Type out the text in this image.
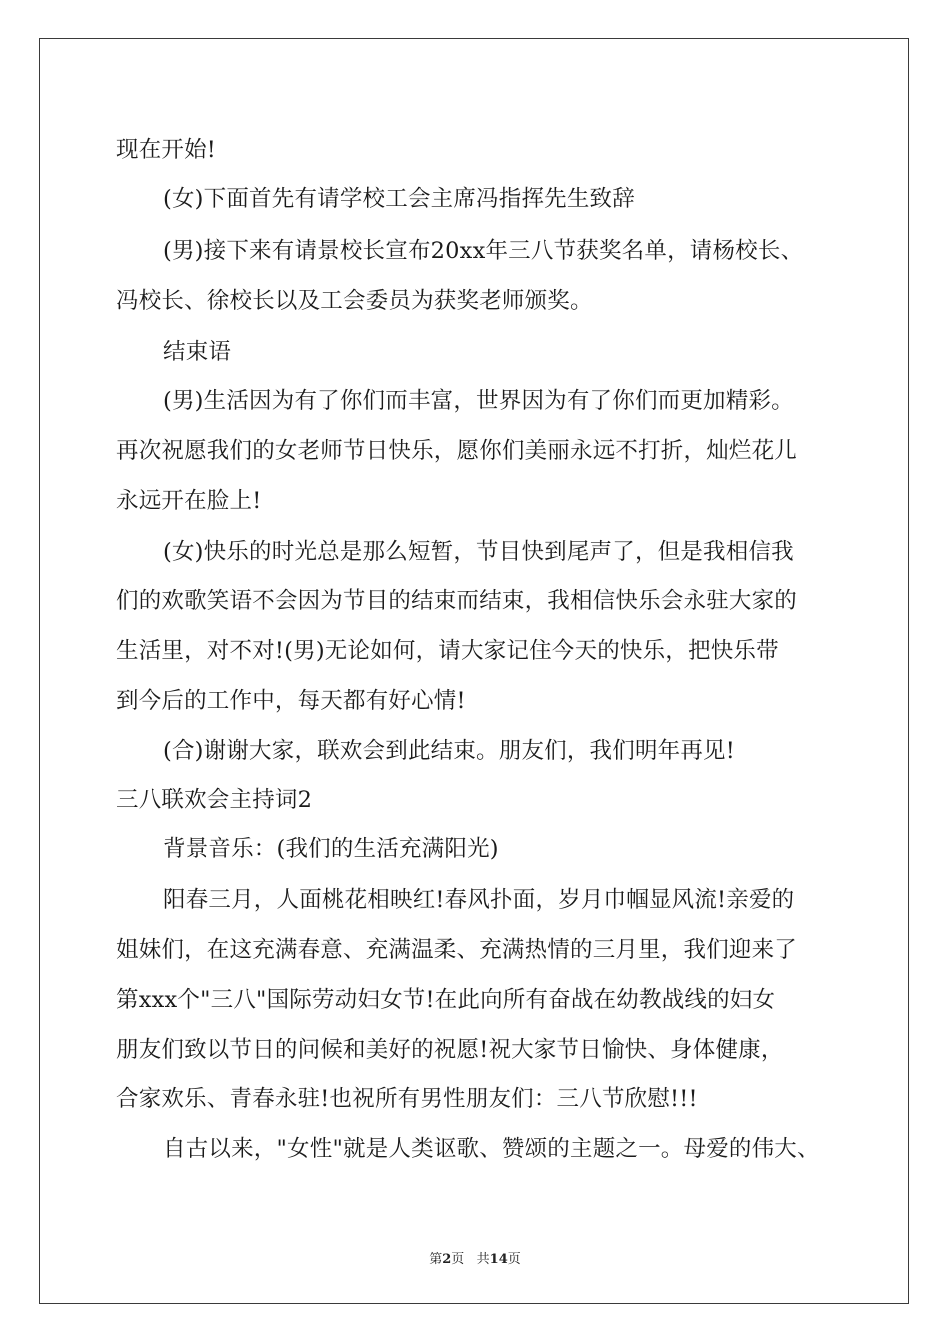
现在开始!
(女)下面首先有请学校工会主席冯指挥先生致辞
(男)接下来有请景校长宣布20xx年三八节获奖名单，请杨校长、
冯校长、徐校长以及工会委员为获奖老师颁奖。
结束语
(男)生活因为有了你们而丰富，世界因为有了你们而更加精彩。
再次祝愿我们的女老师节日快乐，愿你们美丽永远不打折，灿烂花儿
永远开在脸上!
(女)快乐的时光总是那么短暂，节目快到尾声了，但是我相信我
们的欢歌笑语不会因为节目的结束而结束，我相信快乐会永驻大家的
生活里，对不对!(男)无论如何，请大家记住今天的快乐，把快乐带
到今后的工作中，每天都有好心情!
(合)谢谢大家，联欢会到此结束。朋友们，我们明年再见!
三八联欢会主持词2
背景音乐：(我们的生活充满阳光)
阳春三月，人面桃花相映红!春风扑面，岁月巾帼显风流!亲爱的
姐妹们，在这充满春意、充满温柔、充满热情的三月里，我们迎来了
第xxx个"三八"国际劳动妇女节!在此向所有奋战在幼教战线的妇女
朋友们致以节日的问候和美好的祝愿!祝大家节日愉快、身体健康，
合家欢乐、青春永驻!也祝所有男性朋友们：三八节欣慰!!!
自古以来，"女性"就是人类讴歌、赞颂的主题之一。母爱的伟大、
第2页   共14页
